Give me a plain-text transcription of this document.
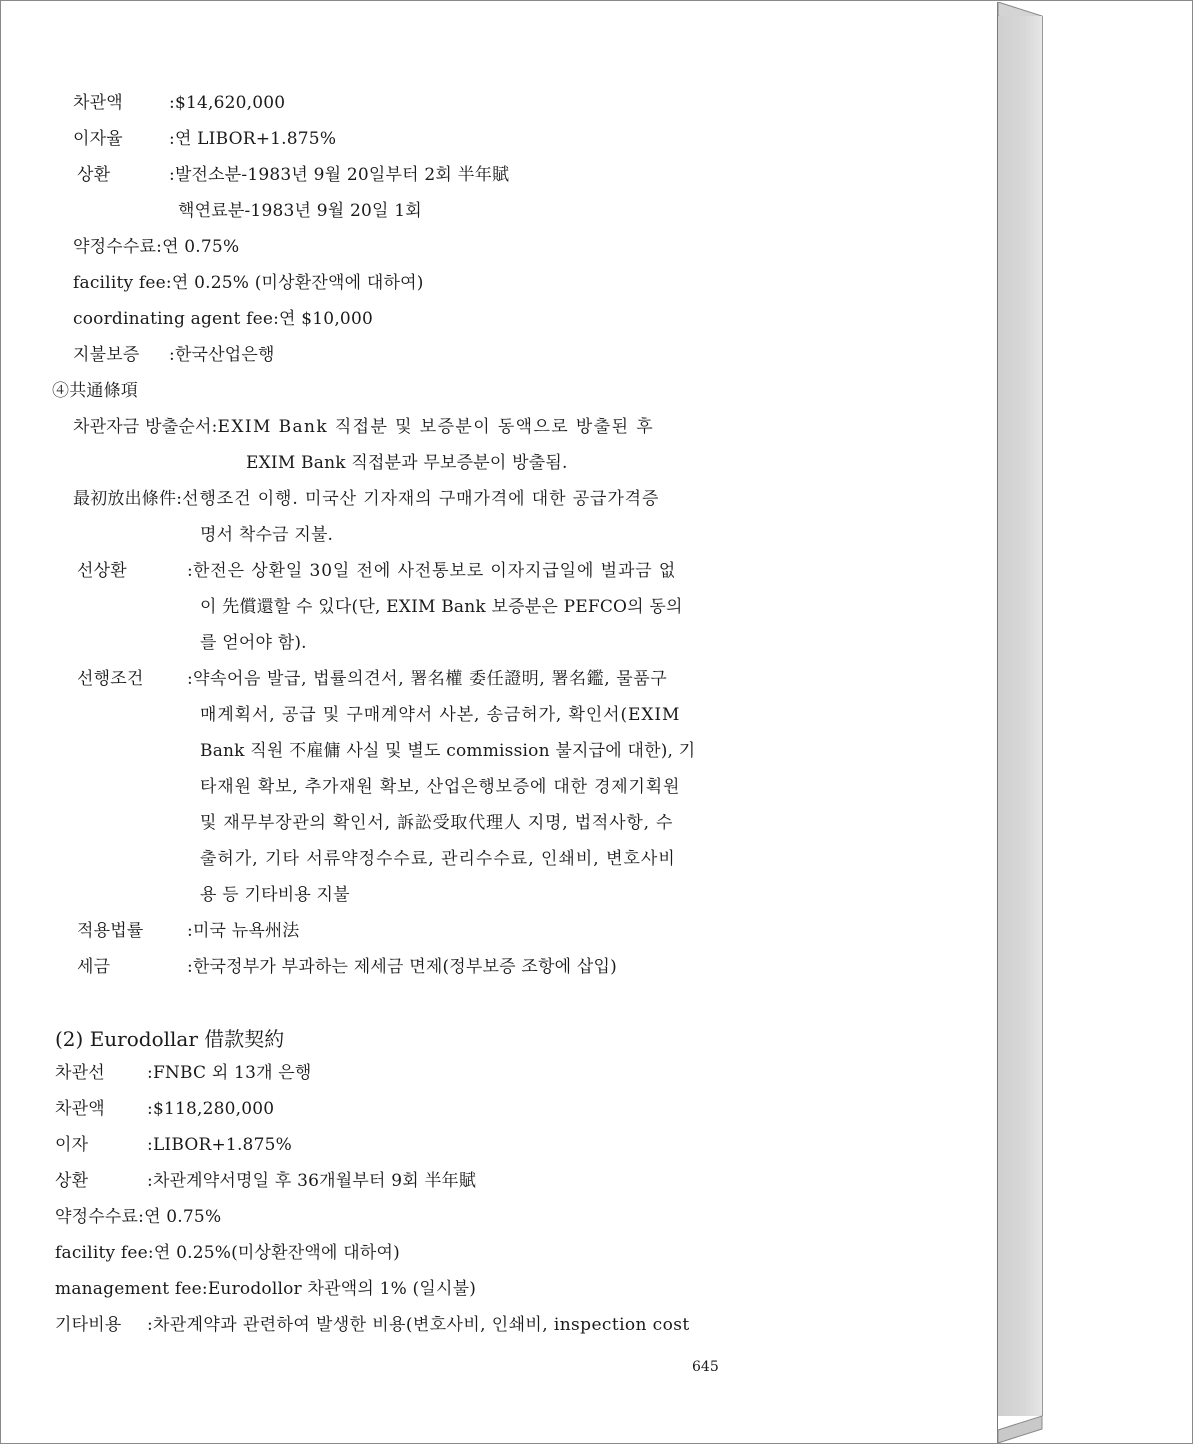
차관액	:$14,620,000
이자율	:연 LIBOR+1.875%
상환	:발전소분-1983년 9월 20일부터 2회 半年賦
핵연료분-1983년 9월 20일 1회
약정수수료:연 0.75%
facility fee:연 0.25% (미상환잔액에 대하여)
coordinating agent fee:연 $10,000
지불보증 :한국산업은행
④共通條項
차관자금 방출순서:EXIM Bank 직접분 및 보증분이 동액으로 방출된 후
EXIM Bank 직접분과 무보증분이 방출됨.
最初放出條件:선행조건 이행. 미국산 기자재의 구매가격에 대한 공급가격증
명서 착수금 지불.
선상환	:한전은 상환일 30일 전에 사전통보로 이자지급일에 벌과금 없
이 先償還할 수 있다(단, EXIM Bank 보증분은 PEFCO의 동의
를 얻어야 함).
선행조건	:약속어음 발급, 법률의견서, 署名權 委任證明, 署名鑑, 물품구
매계획서, 공급 및 구매계약서 사본, 송금허가, 확인서(EXIM
Bank 직원 不雇傭 사실 및 별도 commission 불지급에 대한), 기
타재원 확보, 추가재원 확보, 산업은행보증에 대한 경제기획원
및 재무부장관의 확인서, 訴訟受取代理人 지명, 법적사항, 수
출허가, 기타 서류약정수수료, 관리수수료, 인쇄비, 변호사비
용 등 기타비용 지불
적용법률	:미국 뉴욕州法
세금	:한국정부가 부과하는 제세금 면제(정부보증 조항에 삽입)
(2) Eurodollar 借款契約
차관선 :FNBC 외 13개 은행
차관액 :$118,280,000
이자	:LIBOR+1.875%
상환	:차관계약서명일 후 36개월부터 9회 半年賦
약정수수료:연 0.75%
facility fee:연 0.25%(미상환잔액에 대하여)
management fee:Eurodollor 차관액의 1% (일시불)
기타비용 :차관계약과 관련하여 발생한 비용(변호사비, 인쇄비, inspection cost
645
